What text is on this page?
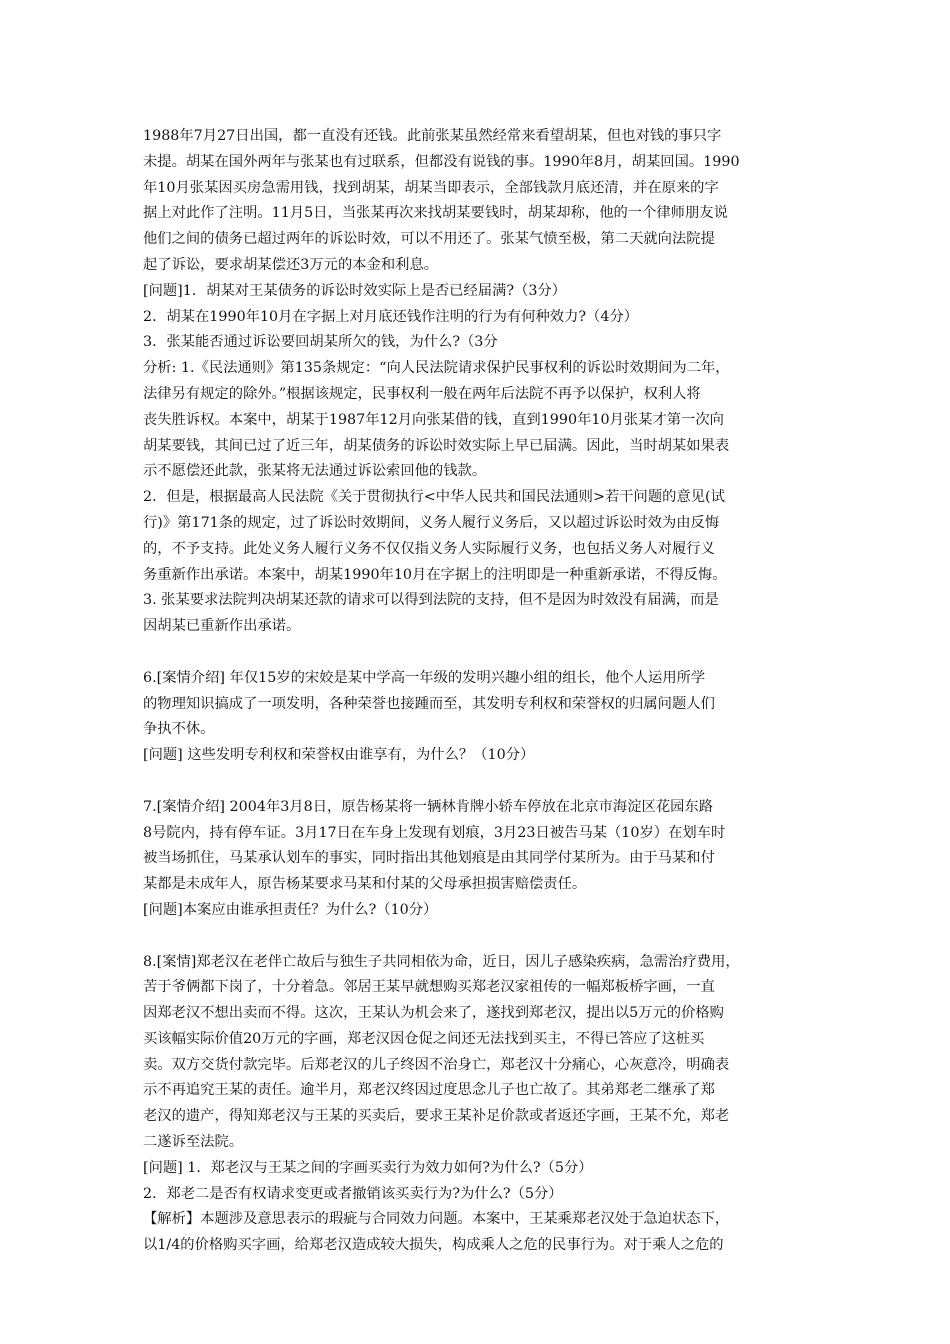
1988年7月27日出国，都一直没有还钱。此前张某虽然经常来看望胡某，但也对钱的事只字
未提。胡某在国外两年与张某也有过联系，但都没有说钱的事。1990年8月，胡某回国。1990
年10月张某因买房急需用钱，找到胡某，胡某当即表示，全部钱款月底还清，并在原来的字
据上对此作了注明。11月5日，当张某再次来找胡某要钱时，胡某却称，他的一个律师朋友说
他们之间的债务已超过两年的诉讼时效，可以不用还了。张某气愤至极，第二天就向法院提
起了诉讼，要求胡某偿还3万元的本金和利息。
[问题]1．胡某对王某债务的诉讼时效实际上是否已经届满?（3分）
2．胡某在1990年10月在字据上对月底还钱作注明的行为有何种效力?（4分）
3．张某能否通过诉讼要回胡某所欠的钱，为什么?（3分
分析: 1.《民法通则》第135条规定：“向人民法院请求保护民事权利的诉讼时效期间为二年，
法律另有规定的除外。”根据该规定，民事权利一般在两年后法院不再予以保护，权利人将
丧失胜诉权。本案中，胡某于1987年12月向张某借的钱，直到1990年10月张某才第一次向
胡某要钱，其间已过了近三年，胡某债务的诉讼时效实际上早已届满。因此，当时胡某如果表
示不愿偿还此款，张某将无法通过诉讼索回他的钱款。
2．但是，根据最高人民法院《关于贯彻执行<中华人民共和国民法通则>若干问题的意见(试
行)》第171条的规定，过了诉讼时效期间，义务人履行义务后，又以超过诉讼时效为由反悔
的，不予支持。此处义务人履行义务不仅仅指义务人实际履行义务，也包括义务人对履行义
务重新作出承诺。本案中，胡某1990年10月在字据上的注明即是一种重新承诺，不得反悔。
3. 张某要求法院判决胡某还款的请求可以得到法院的支持，但不是因为时效没有届满，而是
因胡某已重新作出承诺。
6.[案情介绍] 年仅15岁的宋姣是某中学高一年级的发明兴趣小组的组长，他个人运用所学
的物理知识搞成了一项发明，各种荣誉也接踵而至，其发明专利权和荣誉权的归属问题人们
争执不休。
[问题] 这些发明专利权和荣誉权由谁享有，为什么？（10分）
7.[案情介绍] 2004年3月8日，原告杨某将一辆林肯牌小轿车停放在北京市海淀区花园东路
8号院内，持有停车证。3月17日在车身上发现有划痕，3月23日被告马某（10岁）在划车时
被当场抓住，马某承认划车的事实，同时指出其他划痕是由其同学付某所为。由于马某和付
某都是未成年人，原告杨某要求马某和付某的父母承担损害赔偿责任。
[问题]本案应由谁承担责任？为什么?（10分）
8.[案情]郑老汉在老伴亡故后与独生子共同相依为命，近日，因儿子感染疾病，急需治疗费用，
苦于爷俩都下岗了，十分着急。邻居王某早就想购买郑老汉家祖传的一幅郑板桥字画，一直
因郑老汉不想出卖而不得。这次，王某认为机会来了，遂找到郑老汉，提出以5万元的价格购
买该幅实际价值20万元的字画，郑老汉因仓促之间还无法找到买主，不得已答应了这桩买
卖。双方交货付款完毕。后郑老汉的儿子终因不治身亡，郑老汉十分痛心，心灰意冷，明确表
示不再追究王某的责任。逾半月，郑老汉终因过度思念儿子也亡故了。其弟郑老二继承了郑
老汉的遗产，得知郑老汉与王某的买卖后，要求王某补足价款或者返还字画，王某不允，郑老
二遂诉至法院。
[问题] 1．郑老汉与王某之间的字画买卖行为效力如何?为什么?（5分）
2．郑老二是否有权请求变更或者撤销该买卖行为?为什么?（5分）
【解析】本题涉及意思表示的瑕疵与合同效力问题。本案中，王某乘郑老汉处于急迫状态下，
以1/4的价格购买字画，给郑老汉造成较大损失，构成乘人之危的民事行为。对于乘人之危的
